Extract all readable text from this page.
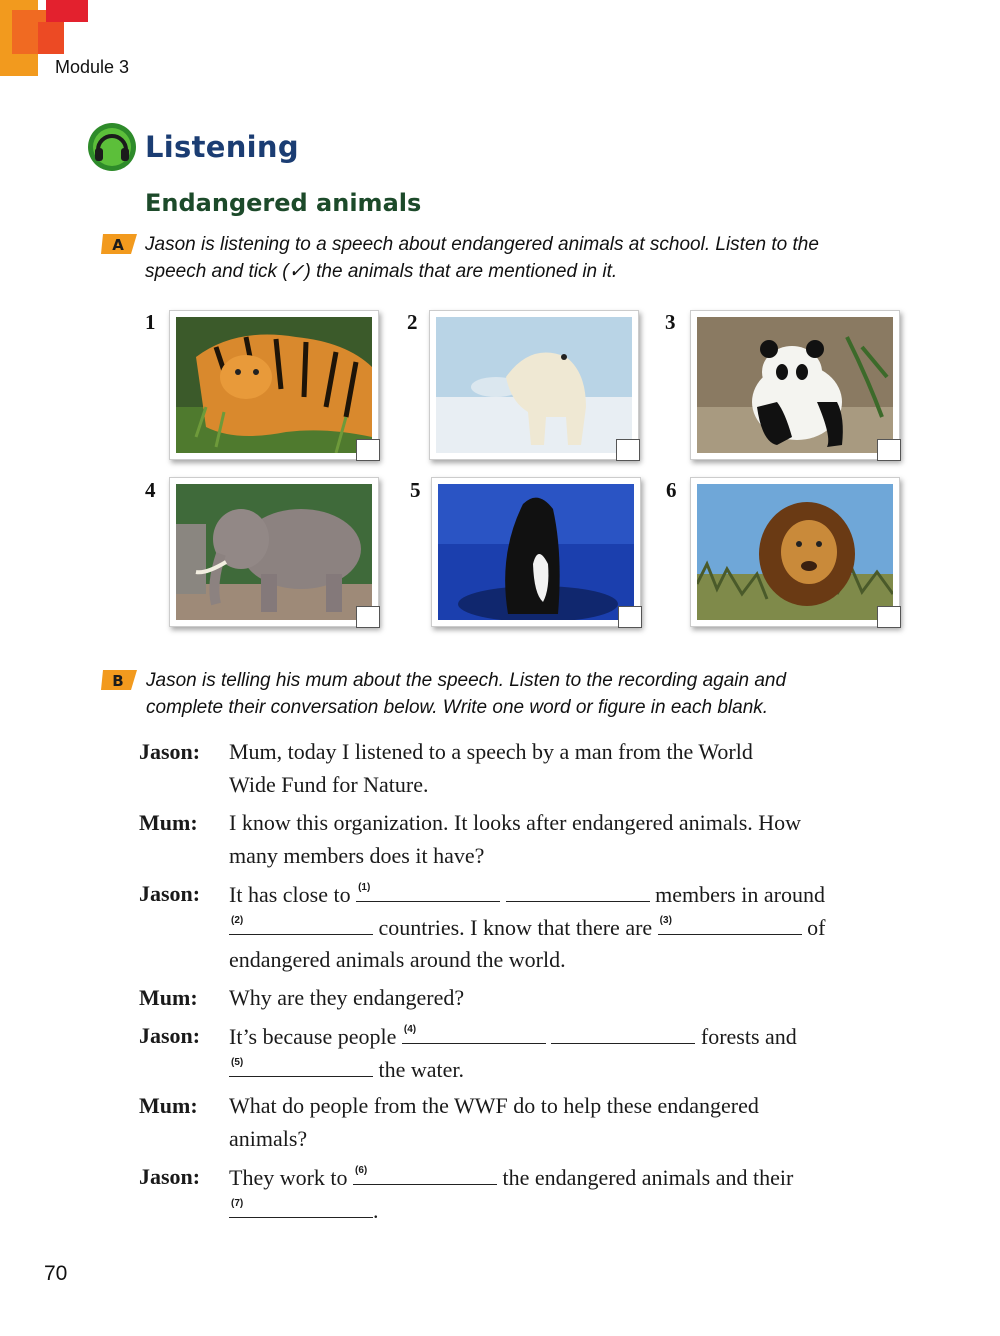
Module 3
Listening
Endangered animals
A Jason is listening to a speech about endangered animals at school. Listen to the
speech and tick (✓) the animals that are mentioned in it.
1	2	3
4	5	6
B Jason is telling his mum about the speech. Listen to the recording again and
complete their conversation below. Write one word or figure in each blank.
Jason: Mum, today I listened to a speech by a man from the World
Wide Fund for Nature.
Mum: I know this organization. It looks after endangered animals. How
many members does it have?
Jason: It has close to (1)	members in around
(2)	countries. I know that there are (3)	of
endangered animals around the world.
Mum: Why are they endangered?
Jason: It’s because people (4)	forests and
(5)	the water.
Mum: What do people from the WWF do to help these endangered
animals?
Jason: They work to (6)	the endangered animals and their
(7)	.
70
